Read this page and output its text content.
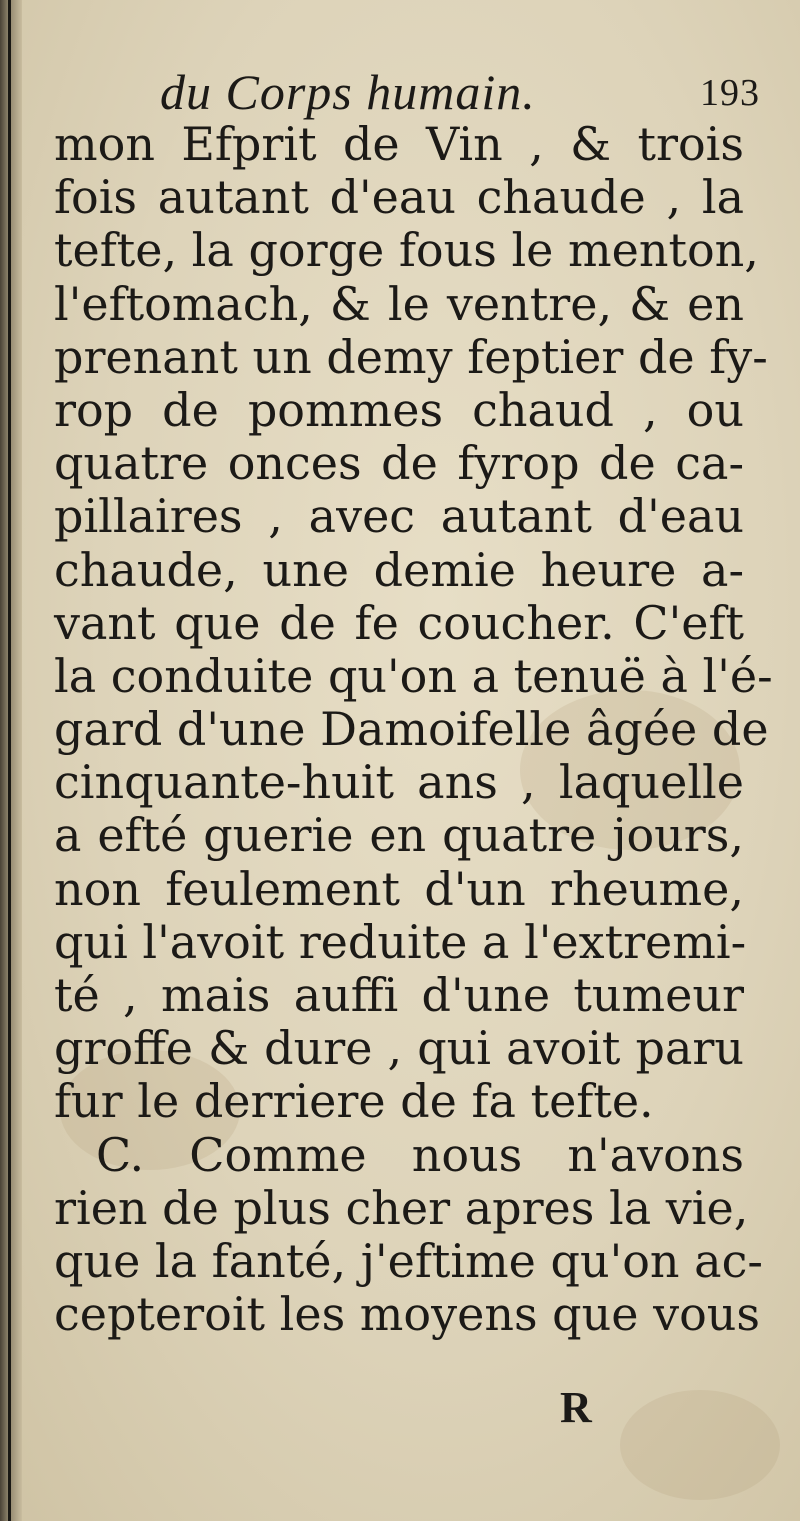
du Corps humain.	193
mon Efprit de Vin , & trois
fois autant d'eau chaude , la
tefte, la gorge fous le menton,
l'eftomach, & le ventre, & en
prenant un demy feptier de fy-
rop de pommes chaud , ou
quatre onces de fyrop de ca-
pillaires , avec autant d'eau
chaude, une demie heure a-
vant que de fe coucher. C'eft
la conduite qu'on a tenuë à l'é-
gard d'une Damoifelle âgée de
cinquante-huit ans , laquelle
a efté guerie en quatre jours,
non feulement d'un rheume,
qui l'avoit reduite a l'extremi-
té , mais auffi d'une tumeur
groffe & dure , qui avoit paru
fur le derriere de fa tefte.
C. Comme nous n'avons
rien de plus cher apres la vie,
que la fanté, j'eftime qu'on ac-
cepteroit les moyens que vous
R
